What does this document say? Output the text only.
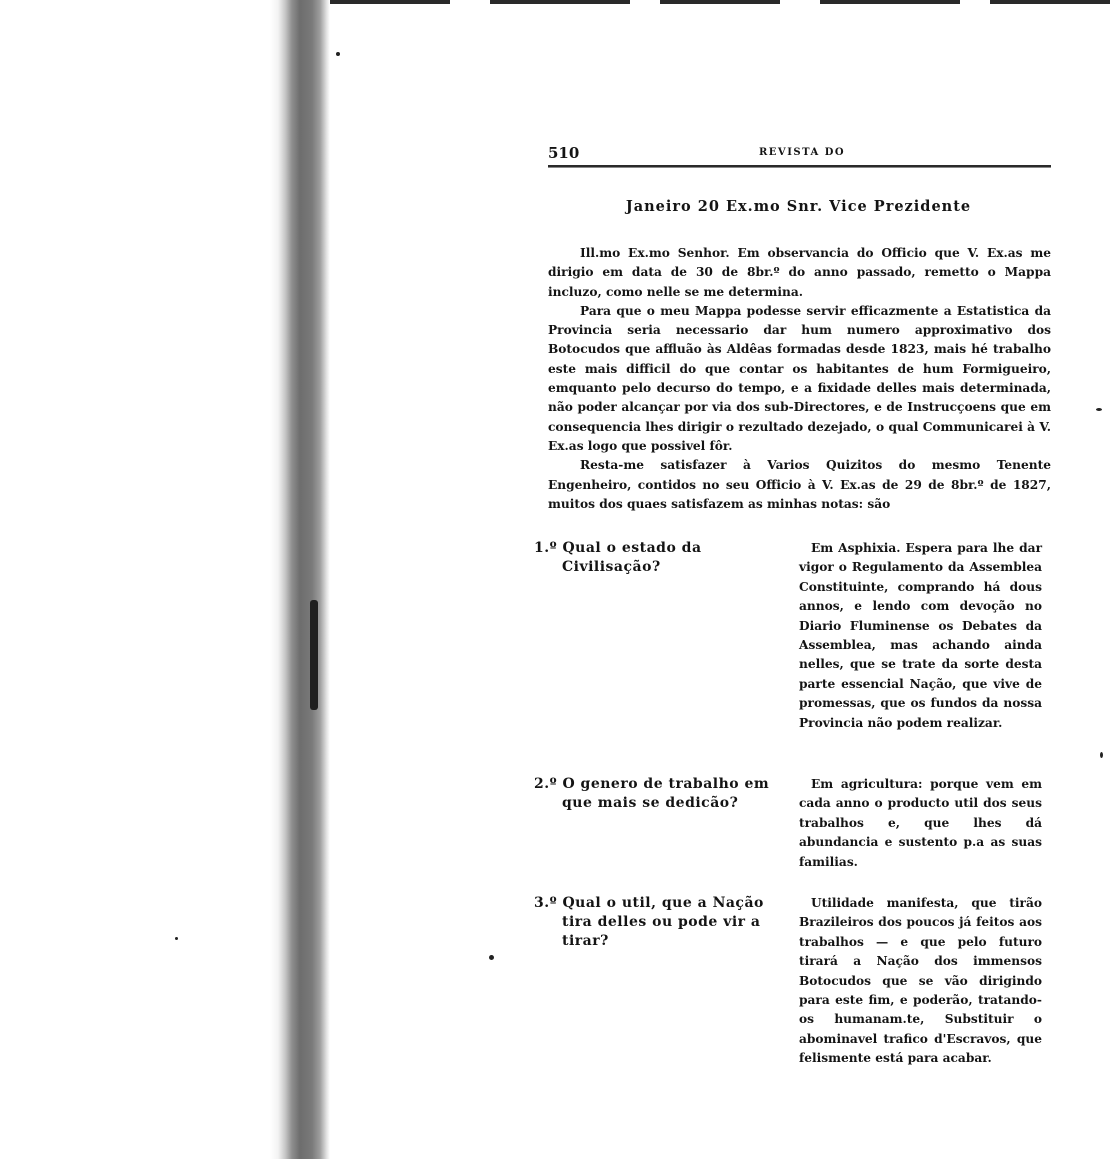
510	REVISTA DO
Janeiro 20 Ex.mo Snr. Vice Prezidente

Ill.mo Ex.mo Senhor. Em observancia do Officio que V. Ex.as me dirigio em data de 30 de 8br.º do anno passado, remetto o Mappa incluzo, como nelle se me determina.

Para que o meu Mappa podesse servir efficazmente a Estatistica da Provincia seria necessario dar hum numero approximativo dos Botocudos que affluão às Aldêas formadas desde 1823, mais hé trabalho este mais difficil do que contar os habitantes de hum Formigueiro, emquanto pelo decurso do tempo, e a fixidade delles mais determinada, não poder alcançar por via dos sub-Directores, e de Instrucçoens que em consequencia lhes dirigir o rezultado dezejado, o qual Communicarei à V. Ex.as logo que possivel fôr.

Resta-me satisfazer à Varios Quizitos do mesmo Tenente Engenheiro, contidos no seu Officio à V. Ex.as de 29 de 8br.º de 1827, muitos dos quaes satisfazem as minhas notas: são

1.º Qual o estado da Civilisação?
Em Asphixia. Espera para lhe dar vigor o Regulamento da Assemblea Constituinte, comprando há dous annos, e lendo com devoção no Diario Fluminense os Debates da Assemblea, mas achando ainda nelles, que se trate da sorte desta parte essencial Nação, que vive de promessas, que os fundos da nossa Provincia não podem realizar.
2.º O genero de trabalho em que mais se dedicão?
Em agricultura: porque vem em cada anno o producto util dos seus trabalhos e, que lhes dá abundancia e sustento p.a as suas familias.
3.º Qual o util, que a Nação tira delles ou pode vir a tirar?
Utilidade manifesta, que tirão Brazileiros dos poucos já feitos aos trabalhos — e que pelo futuro tirará a Nação dos immensos Botocudos que se vão dirigindo para este fim, e poderão, tratando-os humanam.te, Substituir o abominavel trafico d'Escravos, que felismente está para acabar.
